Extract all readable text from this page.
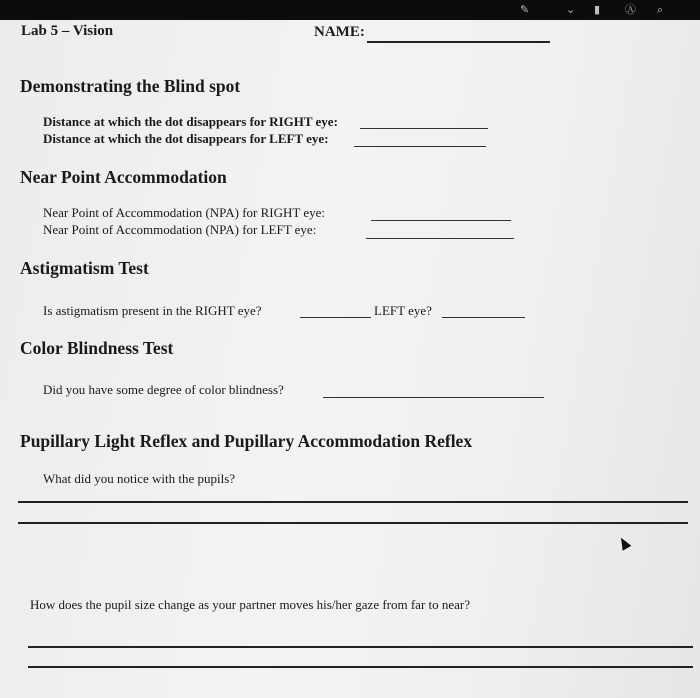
✎	⌄ ▮ Ⓐ ⌕
Lab 5 – Vision	NAME:
Demonstrating the Blind spot
Distance at which the dot disappears for RIGHT eye:
Distance at which the dot disappears for LEFT eye:
Near Point Accommodation
Near Point of Accommodation (NPA) for RIGHT eye:
Near Point of Accommodation (NPA) for LEFT eye:
Astigmatism Test
Is astigmatism present in the RIGHT eye?	LEFT eye?
Color Blindness Test
Did you have some degree of color blindness?
Pupillary Light Reflex and Pupillary Accommodation Reflex
What did you notice with the pupils?
How does the pupil size change as your partner moves his/her gaze from far to near?
